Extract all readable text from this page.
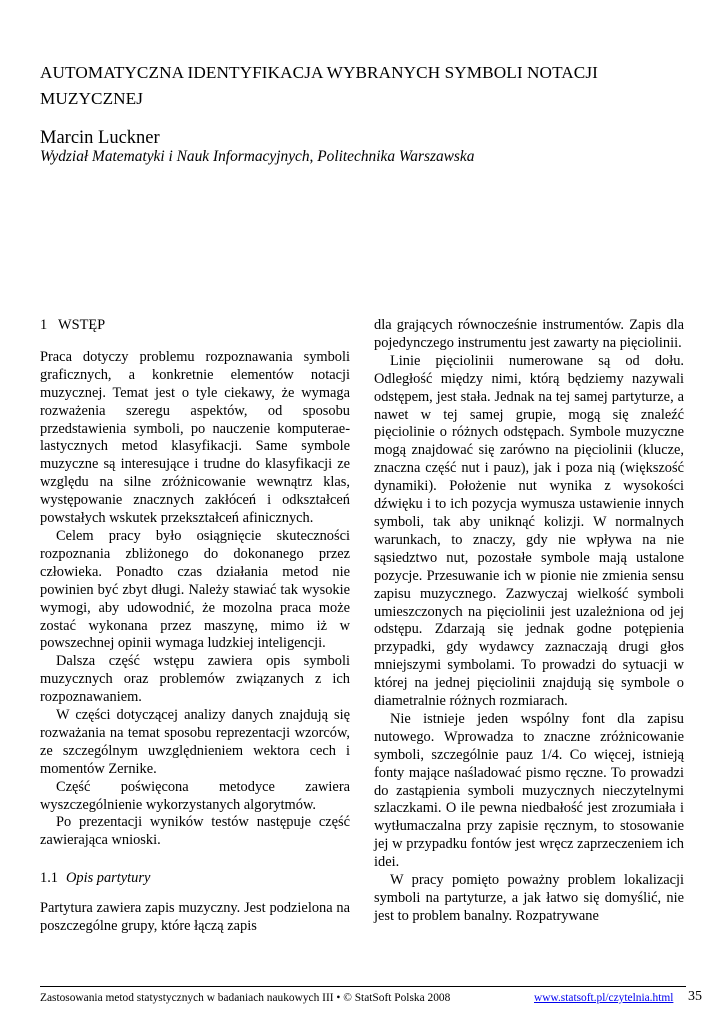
AUTOMATYCZNA IDENTYFIKACJA WYBRANYCH SYMBOLI NOTACJI MUZYCZNEJ
Marcin Luckner
Wydział Matematyki i Nauk Informacyjnych, Politechnika Warszawska
1 WSTĘP

Praca dotyczy problemu rozpoznawania symboli graficznych, a konkretnie elementów notacji muzycznej. Temat jest o tyle ciekawy, że wymaga rozważenia szeregu aspektów, od sposobu przedstawienia symboli, po nauczenie komputeraelastycznych metod klasyfikacji. Same symbole muzyczne są interesujące i trudne do klasyfikacji ze względu na silne zróżnicowanie wewnątrz klas, występowanie znacznych zakłóceń i odkształceń powstałych wskutek przekształceń afinicznych.

Celem pracy było osiągnięcie skuteczności rozpoznania zbliżonego do dokonanego przez człowieka. Ponadto czas działania metod nie powinien być zbyt długi. Należy stawiać tak wysokie wymogi, aby udowodnić, że mozolna praca może zostać wykonana przez maszynę, mimo iż w powszechnej opinii wymaga ludzkiej inteligencji.

Dalsza część wstępu zawiera opis symboli muzycznych oraz problemów związanych z ich rozpoznawaniem.

W części dotyczącej analizy danych znajdują się rozważania na temat sposobu reprezentacji wzorców, ze szczególnym uwzględnieniem wektora cech i momentów Zernike.

Część poświęcona metodyce zawiera wyszczególnienie wykorzystanych algorytmów.

Po prezentacji wyników testów następuje część zawierająca wnioski.

1.1 Opis partytury

Partytura zawiera zapis muzyczny. Jest podzielona na poszczególne grupy, które łączą zapis

dla grających równocześnie instrumentów. Zapis dla pojedynczego instrumentu jest zawarty na pięciolinii.

Linie pięciolinii numerowane są od dołu. Odległość między nimi, którą będziemy nazywali odstępem, jest stała. Jednak na tej samej partyturze, a nawet w tej samej grupie, mogą się znaleźć pięciolinie o różnych odstępach. Symbole muzyczne mogą znajdować się zarówno na pięciolinii (klucze, znaczna część nut i pauz), jak i poza nią (większość dynamiki). Położenie nut wynika z wysokości dźwięku i to ich pozycja wymusza ustawienie innych symboli, tak aby uniknąć kolizji. W normalnych warunkach, to znaczy, gdy nie wpływa na nie sąsiedztwo nut, pozostałe symbole mają ustalone pozycje. Przesuwanie ich w pionie nie zmienia sensu zapisu muzycznego. Zazwyczaj wielkość symboli umieszczonych na pięciolinii jest uzależniona od jej odstępu. Zdarzają się jednak godne potępienia przypadki, gdy wydawcy zaznaczają drugi głos mniejszymi symbolami. To prowadzi do sytuacji w której na jednej pięciolinii znajdują się symbole o diametralnie różnych rozmiarach.

Nie istnieje jeden wspólny font dla zapisu nutowego. Wprowadza to znaczne zróżnicowanie symboli, szczególnie pauz 1/4. Co więcej, istnieją fonty mające naśladować pismo ręczne. To prowadzi do zastąpienia symboli muzycznych nieczytelnymi szlaczkami. O ile pewna niedbałość jest zrozumiała i wytłumaczalna przy zapisie ręcznym, to stosowanie jej w przypadku fontów jest wręcz zaprzeczeniem ich idei.

W pracy pomięto poważny problem lokalizacji symboli na partyturze, a jak łatwo się domyślić, nie jest to problem banalny. Rozpatrywane

Zastosowania metod statystycznych w badaniach naukowych III • © StatSoft Polska 2008	www.statsoft.pl/czytelnia.html 35
